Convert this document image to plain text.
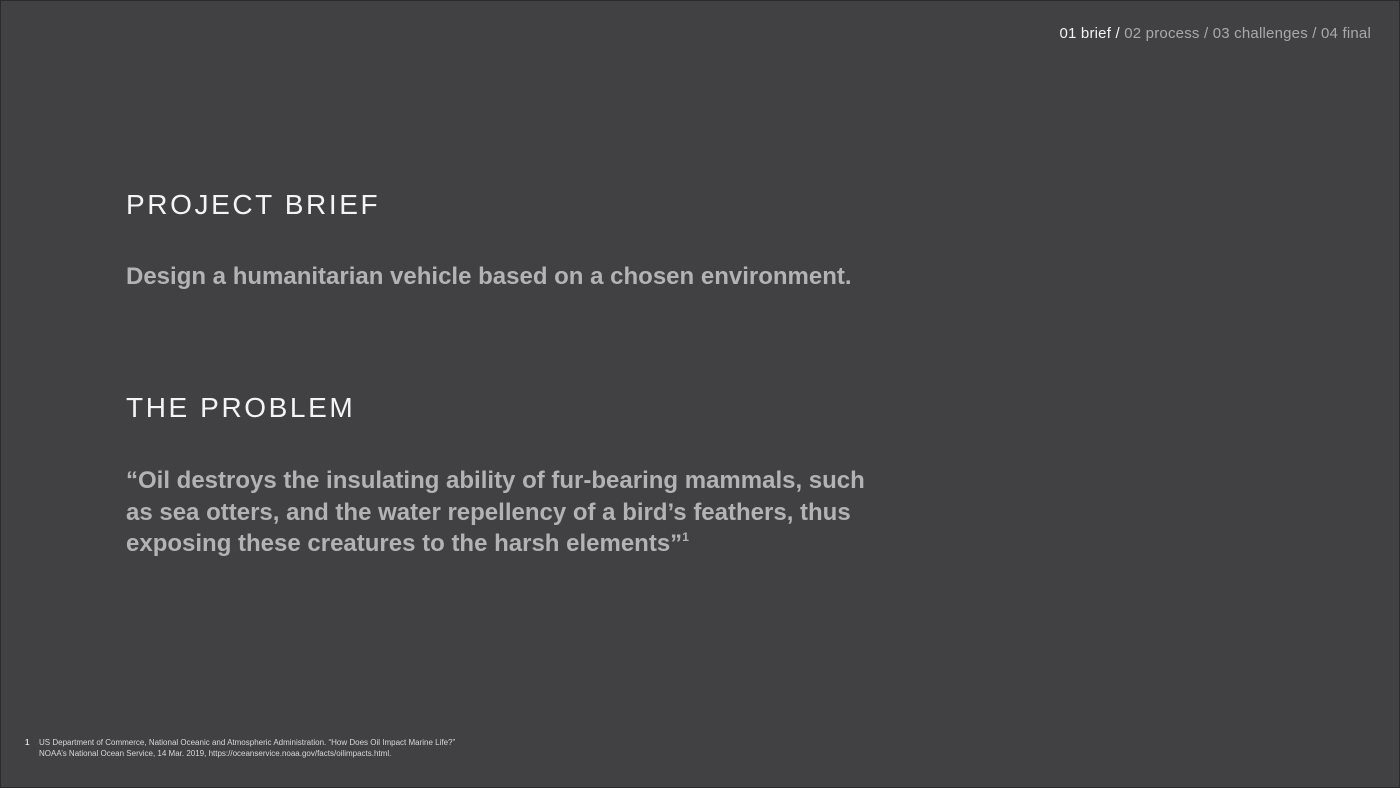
01 brief / 02 process / 03 challenges / 04 final
PROJECT BRIEF

Design a humanitarian vehicle based on a chosen environment.

THE PROBLEM

“Oil destroys the insulating ability of fur-bearing mammals, such as sea otters, and the water repellency of a bird’s feathers, thus exposing these creatures to the harsh elements”$^1$

1 US Department of Commerce, National Oceanic and Atmospheric Administration. “How Does Oil Impact Marine Life?”
NOAA’s National Ocean Service, 14 Mar. 2019, https://oceanservice.noaa.gov/facts/oilimpacts.html.
